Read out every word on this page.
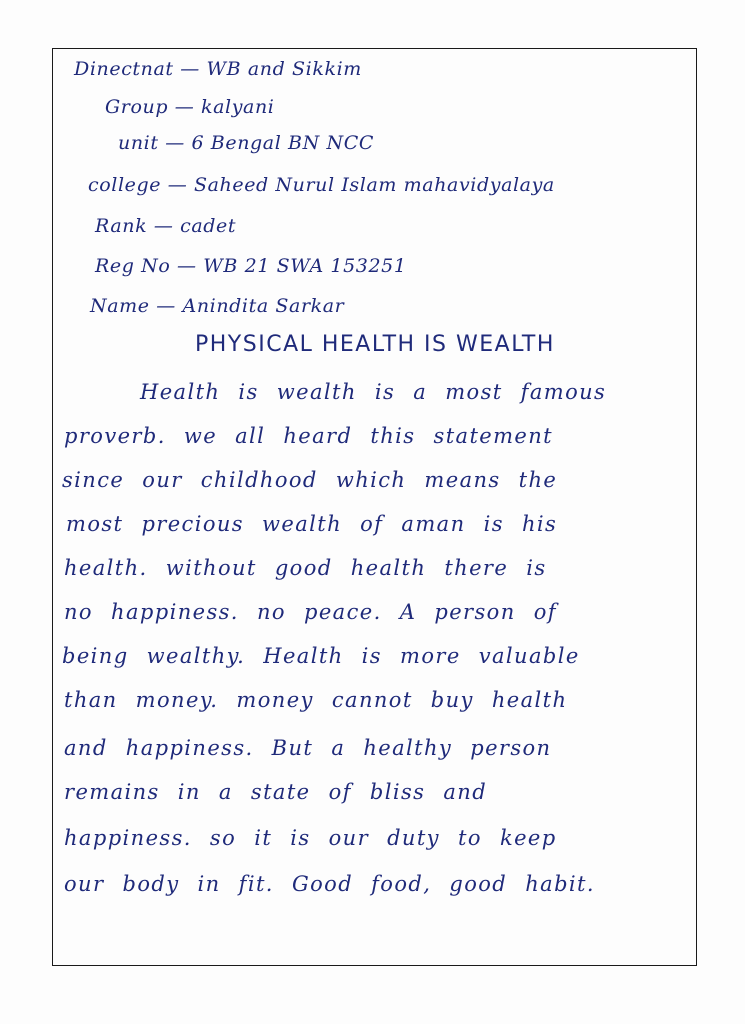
Dinectnat — WB and Sikkim
Group — kalyani
unit — 6 Bengal BN NCC
college — Saheed Nurul Islam mahavidyalaya
Rank — cadet
Reg No — WB 21 SWA 153251
Name — Anindita Sarkar
PHYSICAL HEALTH IS WEALTH
Health is wealth is a most famous
proverb. we all heard this statement
since our childhood which means the
most precious wealth of aman is his
health. without good health there is
no happiness. no peace. A person of
being wealthy. Health is more valuable
than money. money cannot buy health
and happiness. But a healthy person
remains in a state of bliss and
happiness. so it is our duty to keep
our body in fit. Good food, good habit.
